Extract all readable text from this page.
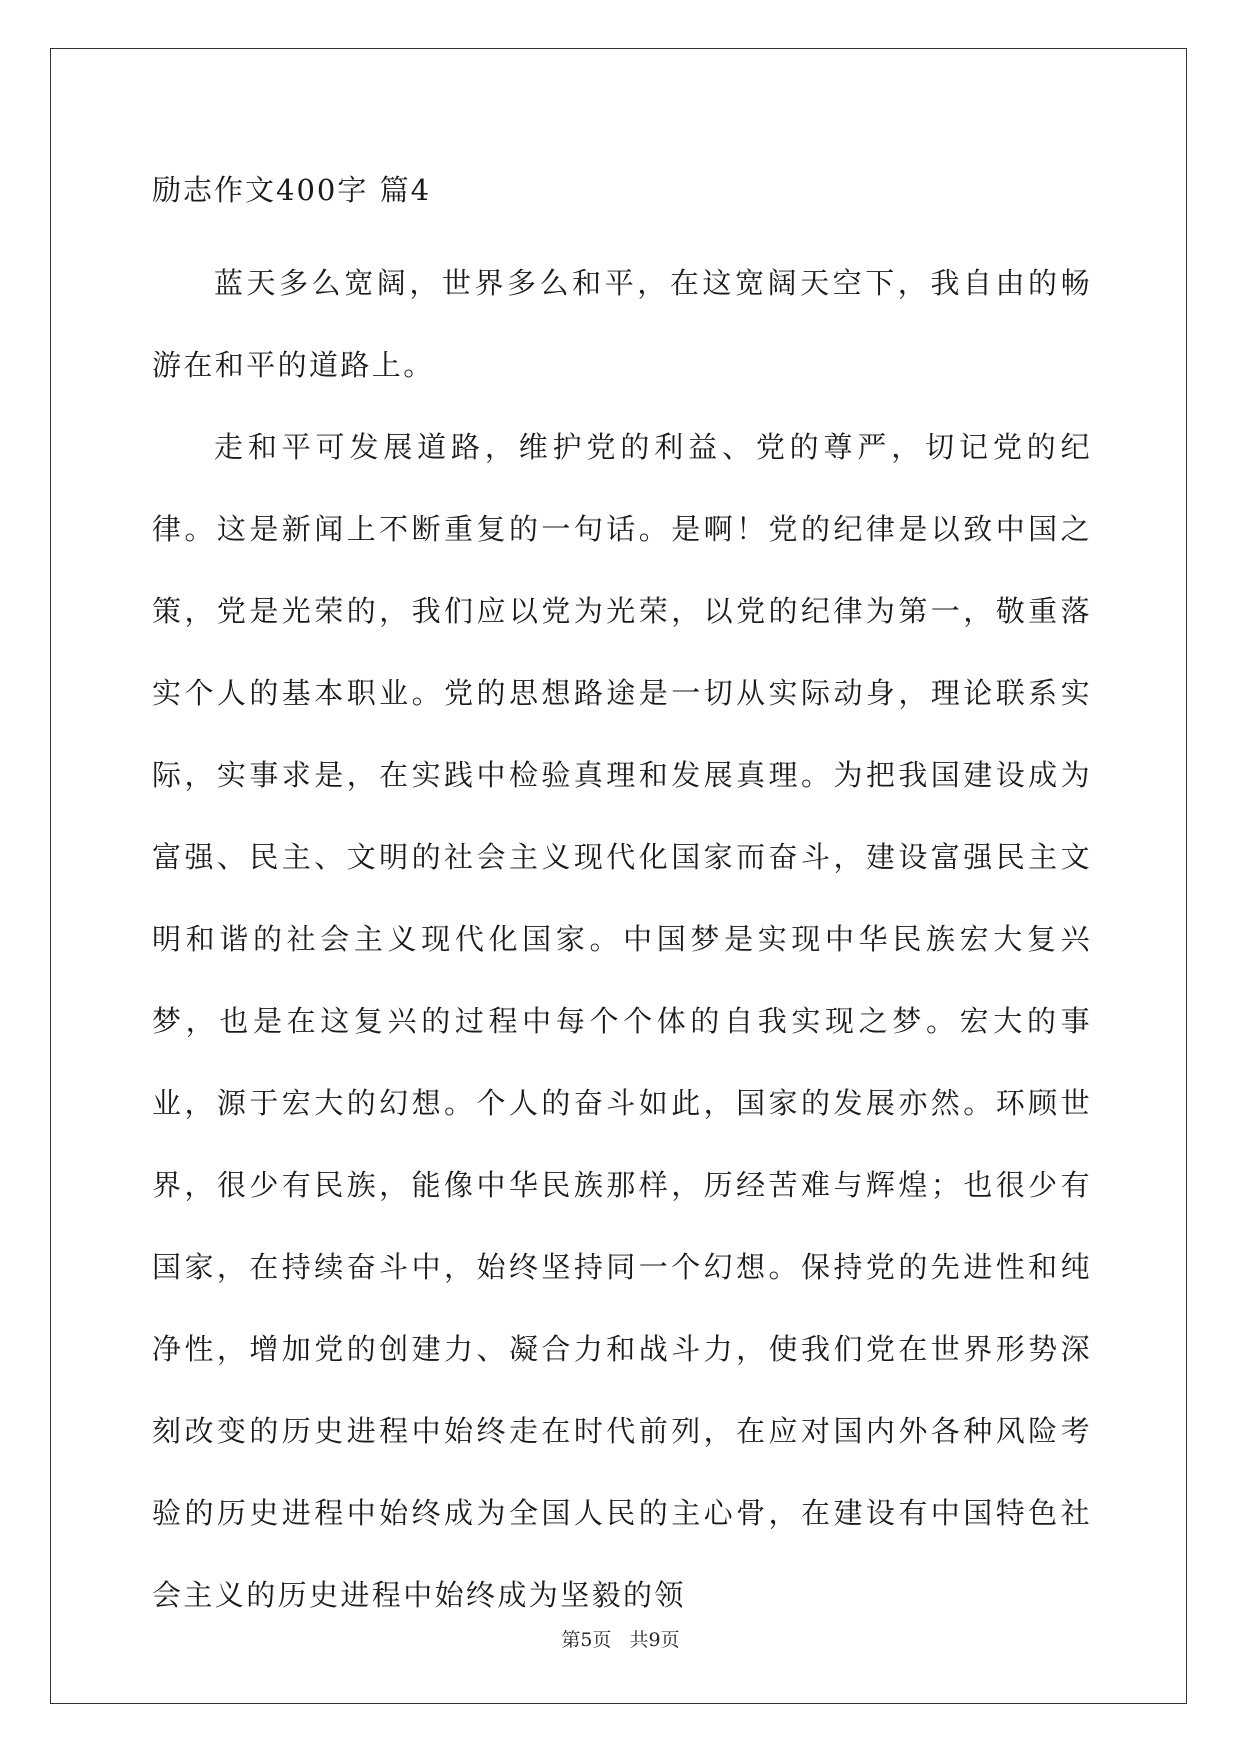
励志作文400字 篇4

蓝天多么宽阔，世界多么和平，在这宽阔天空下，我自由的畅游在和平的道路上。

走和平可发展道路，维护党的利益、党的尊严，切记党的纪律。这是新闻上不断重复的一句话。是啊！党的纪律是以致中国之策，党是光荣的，我们应以党为光荣，以党的纪律为第一，敬重落实个人的基本职业。党的思想路途是一切从实际动身，理论联系实际，实事求是，在实践中检验真理和发展真理。为把我国建设成为富强、民主、文明的社会主义现代化国家而奋斗，建设富强民主文明和谐的社会主义现代化国家。中国梦是实现中华民族宏大复兴梦，也是在这复兴的过程中每个个体的自我实现之梦。宏大的事业，源于宏大的幻想。个人的奋斗如此，国家的发展亦然。环顾世界，很少有民族，能像中华民族那样，历经苦难与辉煌；也很少有国家，在持续奋斗中，始终坚持同一个幻想。保持党的先进性和纯净性，增加党的创建力、凝合力和战斗力，使我们党在世界形势深刻改变的历史进程中始终走在时代前列，在应对国内外各种风险考验的历史进程中始终成为全国人民的主心骨，在建设有中国特色社会主义的历史进程中始终成为坚毅的领

第5页   共9页
